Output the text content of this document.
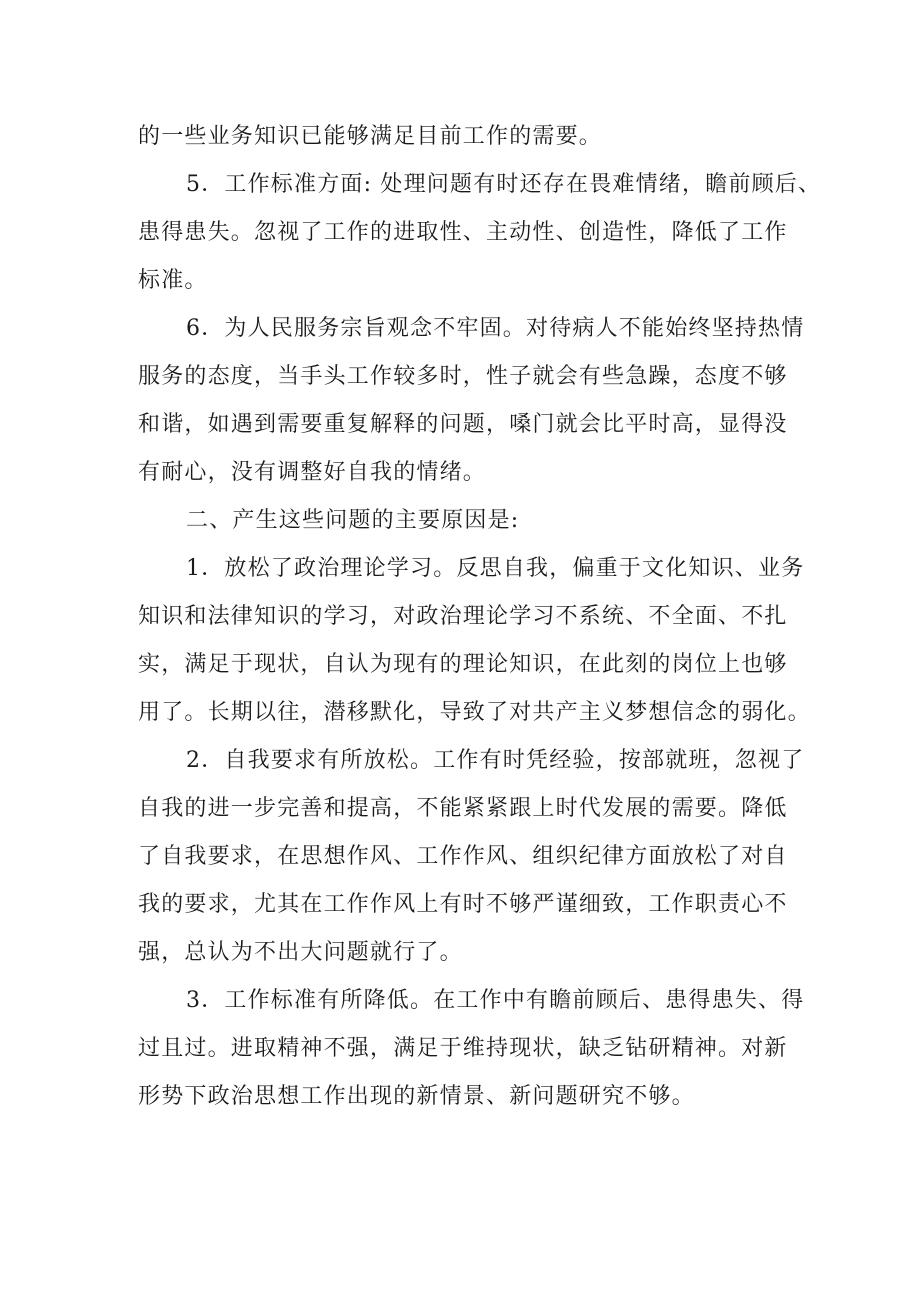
的一些业务知识已能够满足目前工作的需要。
5．工作标准方面: 处理问题有时还存在畏难情绪，瞻前顾后、
患得患失。忽视了工作的进取性、主动性、创造性，降低了工作
标准。
6．为人民服务宗旨观念不牢固。对待病人不能始终坚持热情
服务的态度，当手头工作较多时，性子就会有些急躁，态度不够
和谐，如遇到需要重复解释的问题，嗓门就会比平时高，显得没
有耐心，没有调整好自我的情绪。
二、产生这些问题的主要原因是:
1．放松了政治理论学习。反思自我，偏重于文化知识、业务
知识和法律知识的学习，对政治理论学习不系统、不全面、不扎
实，满足于现状，自认为现有的理论知识，在此刻的岗位上也够
用了。长期以往，潜移默化，导致了对共产主义梦想信念的弱化。
2．自我要求有所放松。工作有时凭经验，按部就班，忽视了
自我的进一步完善和提高，不能紧紧跟上时代发展的需要。降低
了自我要求，在思想作风、工作作风、组织纪律方面放松了对自
我的要求，尤其在工作作风上有时不够严谨细致，工作职责心不
强，总认为不出大问题就行了。
3．工作标准有所降低。在工作中有瞻前顾后、患得患失、得
过且过。进取精神不强，满足于维持现状，缺乏钻研精神。对新
形势下政治思想工作出现的新情景、新问题研究不够。
